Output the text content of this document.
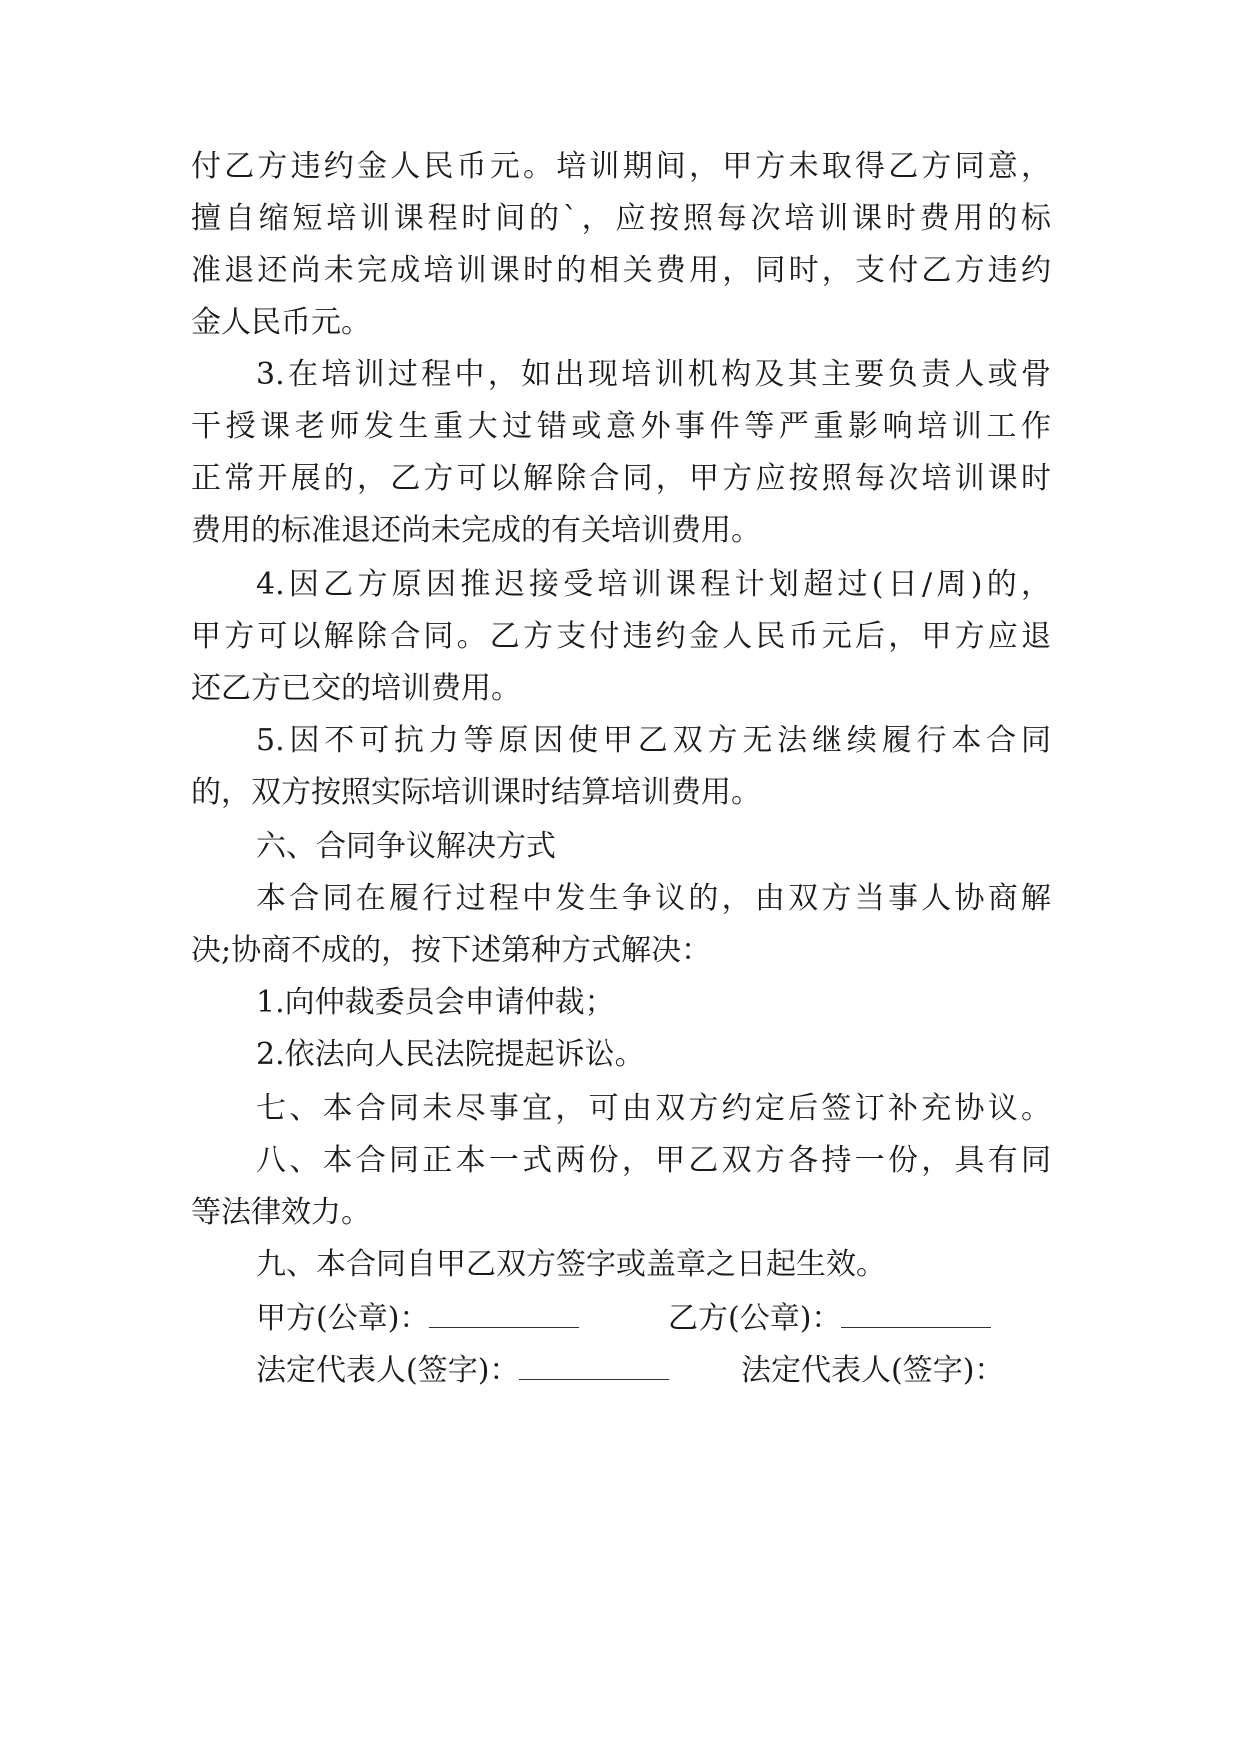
付乙方违约金人民币元。培训期间，甲方未取得乙方同意，
擅自缩短培训课程时间的`，应按照每次培训课时费用的标
准退还尚未完成培训课时的相关费用，同时，支付乙方违约
金人民币元。
3.在培训过程中，如出现培训机构及其主要负责人或骨
干授课老师发生重大过错或意外事件等严重影响培训工作
正常开展的，乙方可以解除合同，甲方应按照每次培训课时
费用的标准退还尚未完成的有关培训费用。
4.因乙方原因推迟接受培训课程计划超过(日/周)的，
甲方可以解除合同。乙方支付违约金人民币元后，甲方应退
还乙方已交的培训费用。
5.因不可抗力等原因使甲乙双方无法继续履行本合同
的，双方按照实际培训课时结算培训费用。
六、合同争议解决方式
本合同在履行过程中发生争议的，由双方当事人协商解
决;协商不成的，按下述第种方式解决：
1.向仲裁委员会申请仲裁；
2.依法向人民法院提起诉讼。
七、本合同未尽事宜，可由双方约定后签订补充协议。
八、本合同正本一式两份，甲乙双方各持一份，具有同
等法律效力。
九、本合同自甲乙双方签字或盖章之日起生效。
甲方(公章)：	乙方(公章)：
法定代表人(签字)：	法定代表人(签字)：
